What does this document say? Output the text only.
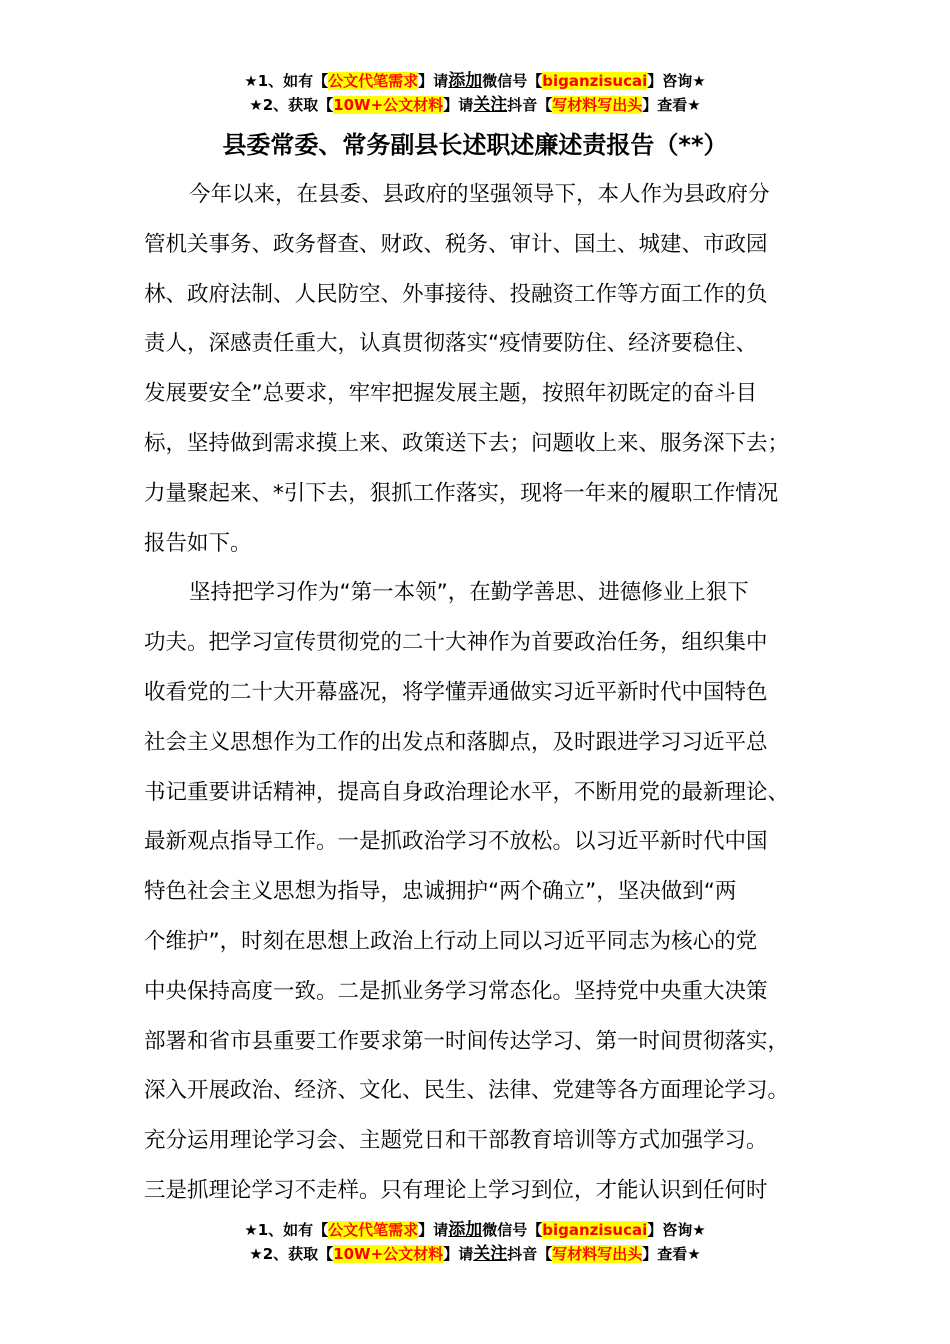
★1、如有【公文代笔需求】请添加微信号【biganzisucai】咨询★
★2、获取【10W+公文材料】请关注抖音【写材料写出头】查看★
县委常委、常务副县长述职述廉述责报告（**）
今年以来，在县委、县政府的坚强领导下，本人作为县政府分
管机关事务、政务督查、财政、税务、审计、国土、城建、市政园
林、政府法制、人民防空、外事接待、投融资工作等方面工作的负
责人，深感责任重大，认真贯彻落实“疫情要防住、经济要稳住、
发展要安全”总要求，牢牢把握发展主题，按照年初既定的奋斗目
标，坚持做到需求摸上来、政策送下去；问题收上来、服务深下去；
力量聚起来、*引下去，狠抓工作落实，现将一年来的履职工作情况
报告如下。
坚持把学习作为“第一本领”，在勤学善思、进德修业上狠下
功夫。把学习宣传贯彻党的二十大神作为首要政治任务，组织集中
收看党的二十大开幕盛况，将学懂弄通做实习近平新时代中国特色
社会主义思想作为工作的出发点和落脚点，及时跟进学习习近平总
书记重要讲话精神，提高自身政治理论水平，不断用党的最新理论、
最新观点指导工作。一是抓政治学习不放松。以习近平新时代中国
特色社会主义思想为指导，忠诚拥护“两个确立”，坚决做到“两
个维护”，时刻在思想上政治上行动上同以习近平同志为核心的党
中央保持高度一致。二是抓业务学习常态化。坚持党中央重大决策
部署和省市县重要工作要求第一时间传达学习、第一时间贯彻落实，
深入开展政治、经济、文化、民生、法律、党建等各方面理论学习。
充分运用理论学习会、主题党日和干部教育培训等方式加强学习。
三是抓理论学习不走样。只有理论上学习到位，才能认识到任何时
★1、如有【公文代笔需求】请添加微信号【biganzisucai】咨询★
★2、获取【10W+公文材料】请关注抖音【写材料写出头】查看★
